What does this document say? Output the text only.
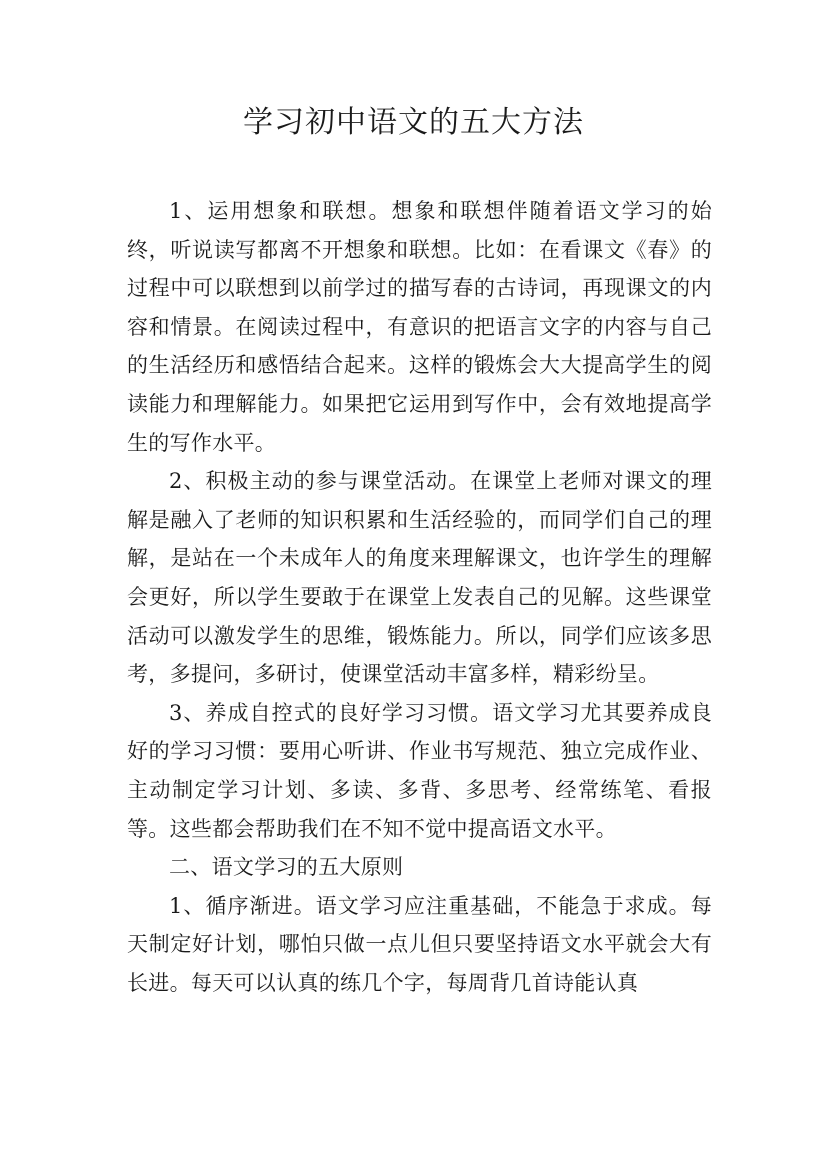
学习初中语文的五大方法

1、运用想象和联想。想象和联想伴随着语文学习的始终，听说读写都离不开想象和联想。比如：在看课文《春》的过程中可以联想到以前学过的描写春的古诗词，再现课文的内容和情景。在阅读过程中，有意识的把语言文字的内容与自己的生活经历和感悟结合起来。这样的锻炼会大大提高学生的阅读能力和理解能力。如果把它运用到写作中，会有效地提高学生的写作水平。

2、积极主动的参与课堂活动。在课堂上老师对课文的理解是融入了老师的知识积累和生活经验的，而同学们自己的理解，是站在一个未成年人的角度来理解课文，也许学生的理解会更好，所以学生要敢于在课堂上发表自己的见解。这些课堂活动可以激发学生的思维，锻炼能力。所以，同学们应该多思考，多提问，多研讨，使课堂活动丰富多样，精彩纷呈。

3、养成自控式的良好学习习惯。语文学习尤其要养成良好的学习习惯：要用心听讲、作业书写规范、独立完成作业、主动制定学习计划、多读、多背、多思考、经常练笔、看报等。这些都会帮助我们在不知不觉中提高语文水平。

二、语文学习的五大原则

1、循序渐进。语文学习应注重基础，不能急于求成。每天制定好计划，哪怕只做一点儿但只要坚持语文水平就会大有长进。每天可以认真的练几个字，每周背几首诗能认真
